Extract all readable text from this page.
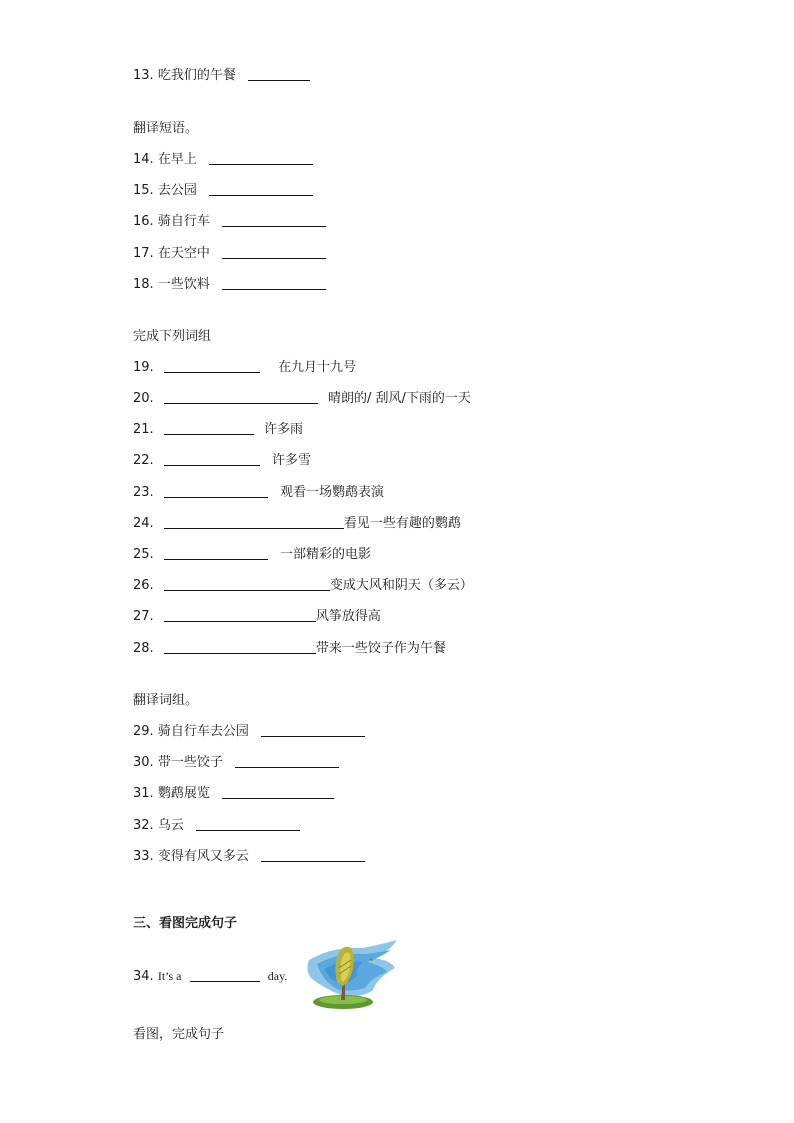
13. 吃我们的午餐
翻译短语。
14. 在早上
15. 去公园
16. 骑自行车
17. 在天空中
18. 一些饮料
完成下列词组
19.	在九月十九号
20.	晴朗的/ 刮风/下雨的一天
21.	许多雨
22.	许多雪
23.	观看一场鹦鹉表演
24.	看见一些有趣的鹦鹉
25.	一部精彩的电影
26.	变成大风和阴天（多云）
27.	风筝放得高
28.	带来一些饺子作为午餐
翻译词组。
29. 骑自行车去公园
30. 带一些饺子
31. 鹦鹉展览
32. 乌云
33. 变得有风又多云
三、看图完成句子
34. It’s a	day.
看图，完成句子
